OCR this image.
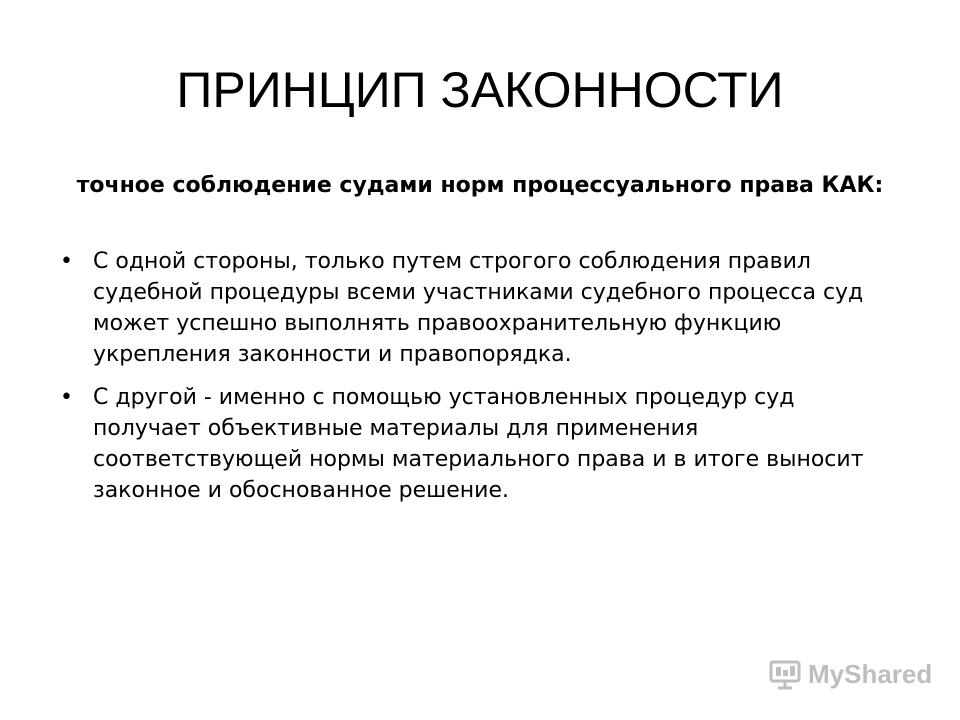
ПРИНЦИП ЗАКОННОСТИ
точное соблюдение судами норм процессуального права КАК:
• С одной стороны, только путем строгого соблюдения правил судебной процедуры всеми участниками судебного процесса суд может успешно выполнять правоохранительную функцию укрепления законности и правопорядка.
• С другой - именно с помощью установленных процедур суд получает объективные материалы для применения соответствующей нормы материального права и в итоге выносит законное и обоснованное решение.
MyShared
